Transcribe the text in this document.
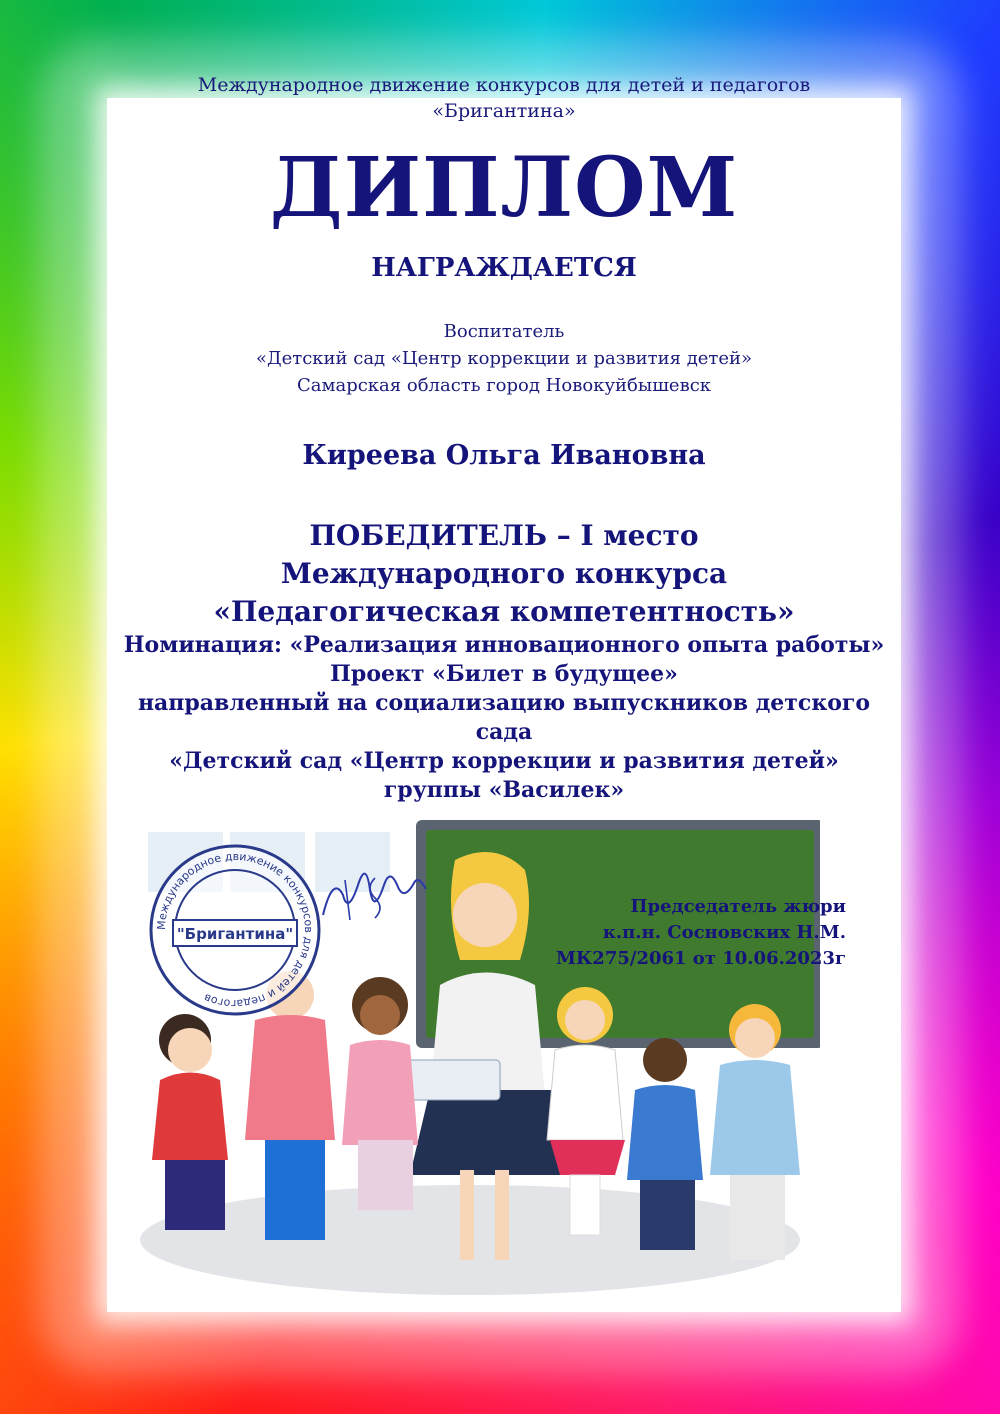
Международное движение конкурсов для детей и педагогов
«Бригантина»
ДИПЛОМ
НАГРАЖДАЕТСЯ
Воспитатель
«Детский сад «Центр коррекции и развития детей»
Самарская область город Новокуйбышевск
Киреева Ольга Ивановна
ПОБЕДИТЕЛЬ – I место
Международного конкурса
«Педагогическая компетентность»
Номинация: «Реализация инновационного опыта работы»
Проект «Билет в будущее»
направленный на социализацию выпускников детского сада
«Детский сад «Центр коррекции и развития детей»
группы «Василек»
Международное движение конкурсов для детей и педагогов
"Бригантина"
Председатель жюри
к.п.н. Сосновских Н.М.
МК275/2061 от 10.06.2023г
